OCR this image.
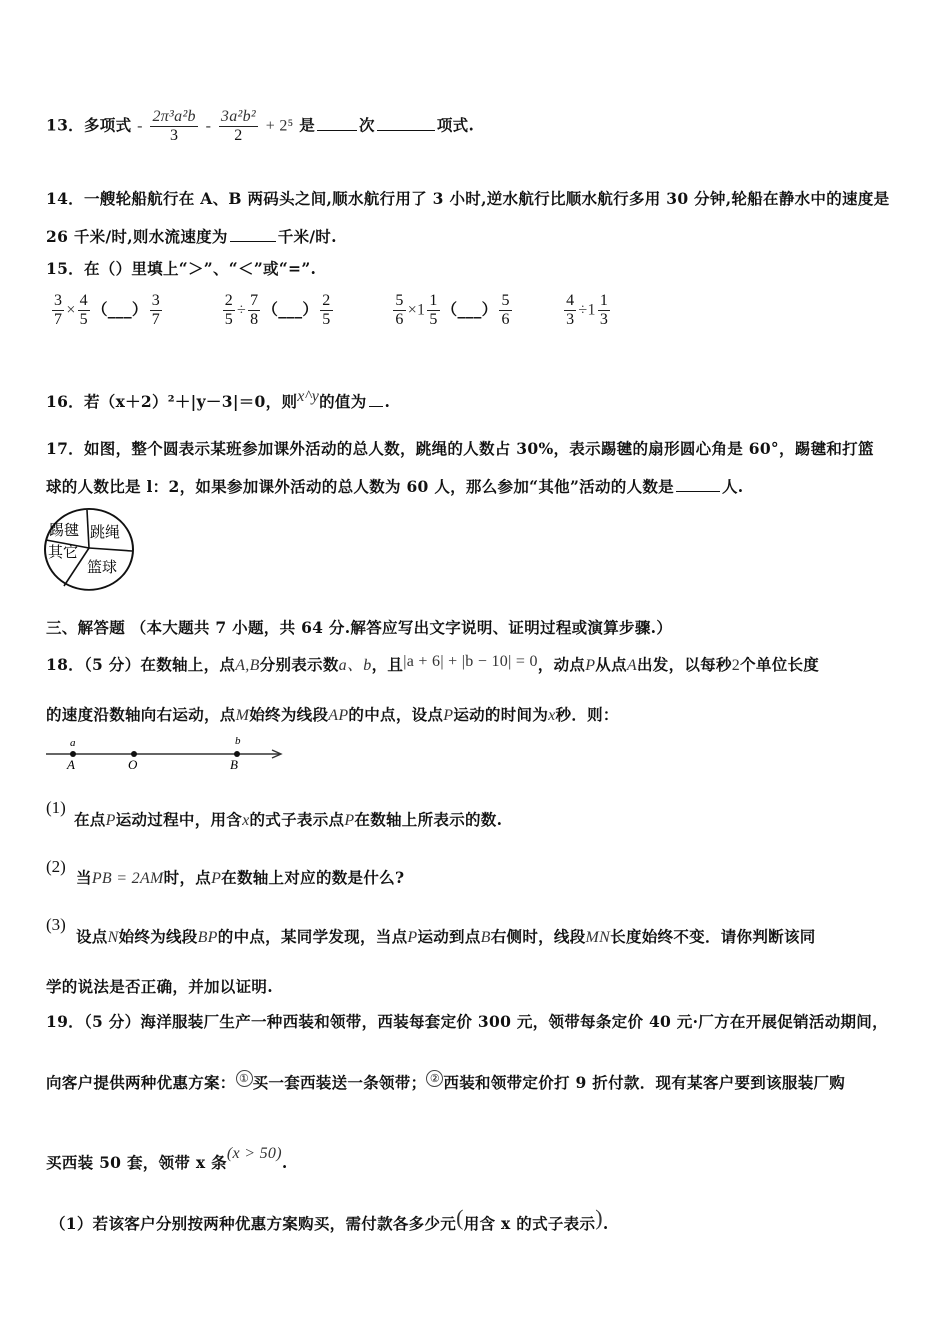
13．多项式 - $\frac{\text{2π³a²b}}{3} - \frac{\text{3a²b²}}{2} + 2^5$ 是	次	项式.
14．一艘轮船航行在 A、B 两码头之间,顺水航行用了 3 小时,逆水航行比顺水航行多用 30 分钟,轮船在静水中的速度是
26 千米/时,则水流速度为	千米/时.
15．在（）里填上“＞”、“＜”或“=”.
$\frac{3}{7} \times \frac{4}{5}$ （___） $\frac{3}{7}$
	$\frac{2}{5} \div \frac{7}{8}$ （___） $\frac{2}{5}$
	$\frac{5}{6} \times 1 \frac{1}{5}$ （___） $\frac{5}{6}$
	$\frac{4}{3} \div 1 \frac{1}{3}$
16．若（x＋2）²＋|y－3|＝0，则x^y的值为 .
17．如图，整个圆表示某班参加课外活动的总人数，跳绳的人数占 30%，表示踢毽的扇形圆心角是 60°，踢毽和打篮
球的人数比是 l：2，如果参加课外活动的总人数为 60 人，那么参加“其他”活动的人数是	人.
踢毽 跳绳
其它
篮球
三、解答题 （本大题共 7 小题，共 64 分.解答应写出文字说明、证明过程或演算步骤.）
18．（5 分）在数轴上，点A,B分别表示数a、b，且|a + 6| + |b − 10| = 0，动点P从点A出发，以每秒2个单位长度
的速度沿数轴向右运动，点M始终为线段AP的中点，设点P运动的时间为x秒．则：
a
A	O
b
B
(1)
在点P运动过程中，用含x的式子表示点P在数轴上所表示的数.
(2)
当PB = 2AM时，点P在数轴上对应的数是什么?
(3)
设点N始终为线段BP的中点，某同学发现，当点P运动到点B右侧时，线段MN长度始终不变．请你判断该同
学的说法是否正确，并加以证明.
19．（5 分）海洋服装厂生产一种西装和领带，西装每套定价 300 元，领带每条定价 40 元·厂方在开展促销活动期间，
向客户提供两种优惠方案： ① 买一套西装送一条领带； ② 西装和领带定价打 9 折付款．现有某客户要到该服装厂购
买西装 50 套，领带 x 条(x > 50).
（1）若该客户分别按两种优惠方案购买，需付款各多少元(用含 x 的式子表示).
